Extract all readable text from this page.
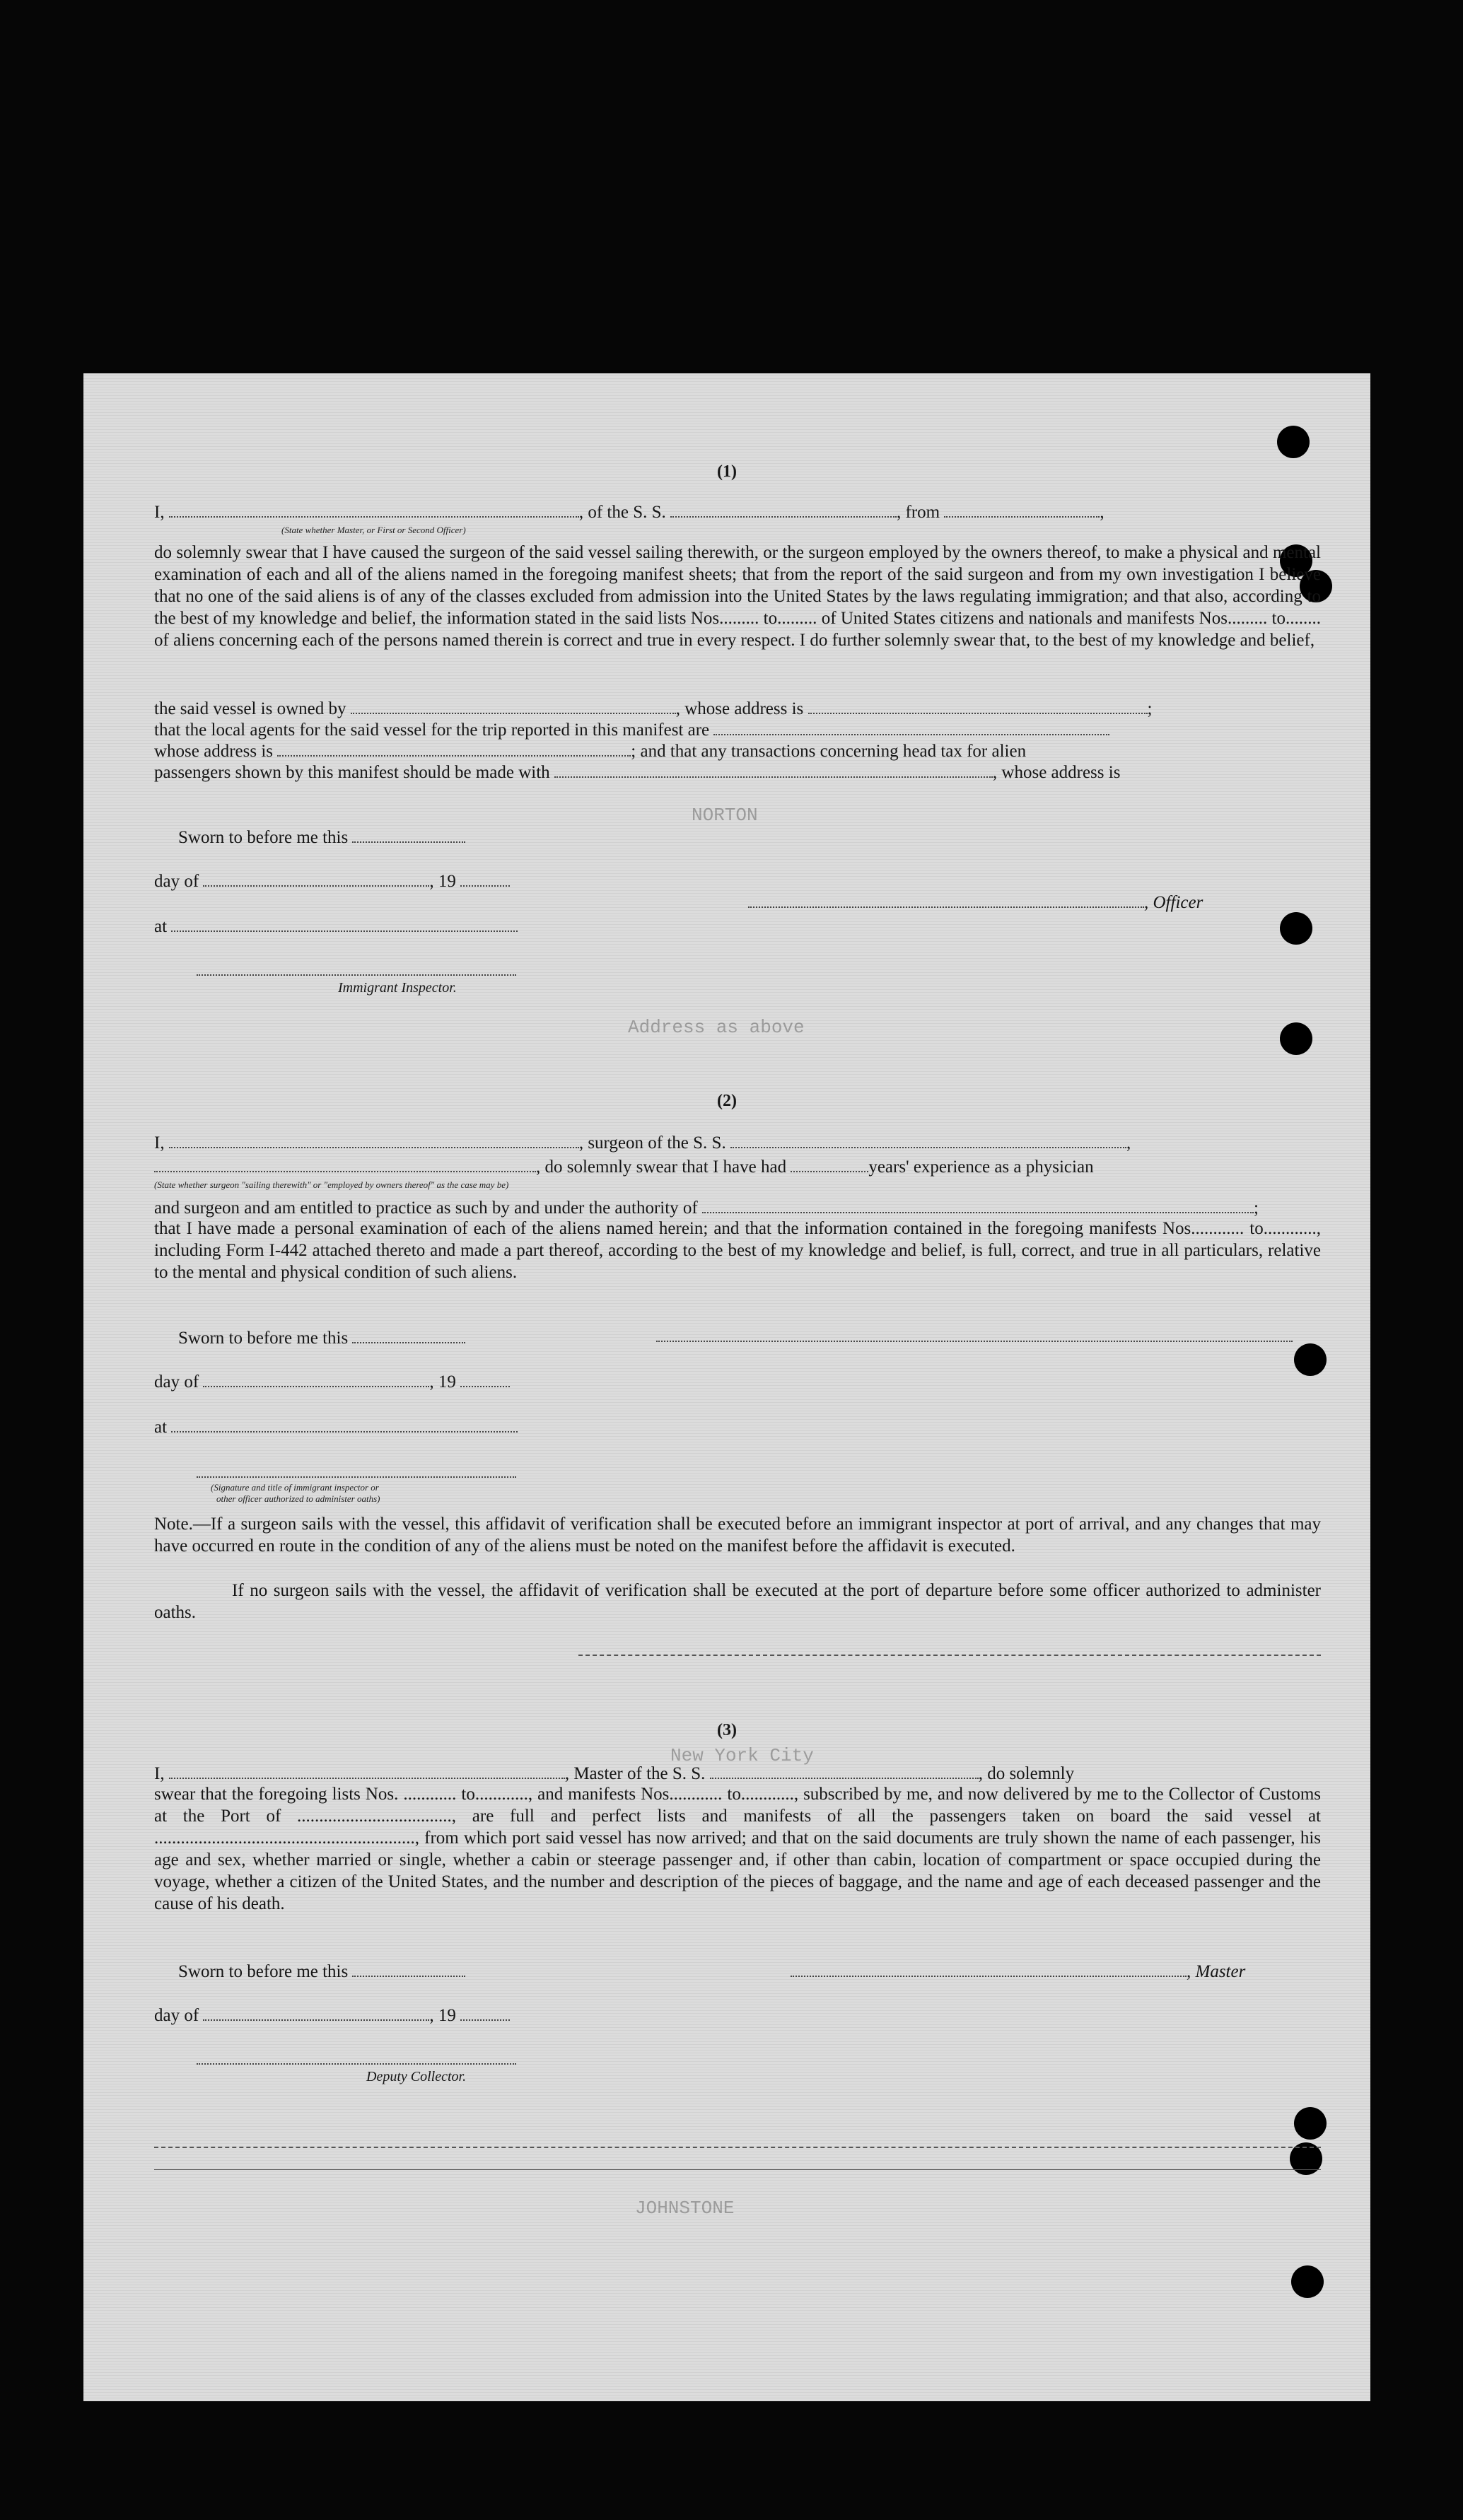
NORTON
Address as above
New York City
JOHNSTONE
(1)
I,	, of the S. S.	, from	,
(State whether Master, or First or Second Officer)
do solemnly swear that I have caused the surgeon of the said vessel sailing therewith, or the surgeon employed by the owners thereof, to make a physical and mental examination of each and all of the aliens named in the foregoing manifest sheets; that from the report of the said surgeon and from my own investigation I believe that no one of the said aliens is of any of the classes excluded from admission into the United States by the laws regulating immigration; and that also, according to the best of my knowledge and belief, the information stated in the said lists Nos......... to......... of United States citizens and nationals and manifests Nos......... to........ of aliens concerning each of the persons named therein is correct and true in every respect. I do further solemnly swear that, to the best of my knowledge and belief,
the said vessel is owned by	, whose address is	;
that the local agents for the said vessel for the trip reported in this manifest are
whose address is	; and that any transactions concerning head tax for alien
passengers shown by this manifest should be made with	, whose address is
Sworn to before me this
day of	, 19
, Officer
at
Immigrant Inspector.
(2)
I,	, surgeon of the S. S.	,
, do solemnly swear that I have had	years' experience as a physician
(State whether surgeon "sailing therewith" or "employed by owners thereof" as the case may be)
and surgeon and am entitled to practice as such by and under the authority of	;
that I have made a personal examination of each of the aliens named herein; and that the information contained in the foregoing manifests Nos............ to............, including Form I-442 attached thereto and made a part thereof, according to the best of my knowledge and belief, is full, correct, and true in all particulars, relative to the mental and physical condition of such aliens.
Sworn to before me this
day of	, 19
at
(Signature and title of immigrant inspector or
other officer authorized to administer oaths)
Note.—If a surgeon sails with the vessel, this affidavit of verification shall be executed before an immigrant inspector at port of arrival, and any changes that may have occurred en route in the condition of any of the aliens must be noted on the manifest before the affidavit is executed.
If no surgeon sails with the vessel, the affidavit of verification shall be executed at the port of departure before some officer authorized to administer oaths.
(3)
I,	, Master of the S. S.	, do solemnly
swear that the foregoing lists Nos. ............ to............, and manifests Nos............ to............, subscribed by me, and now delivered by me to the Collector of Customs at the Port of ..................................., are full and perfect lists and manifests of all the passengers taken on board the said vessel at ..........................................................., from which port said vessel has now arrived; and that on the said documents are truly shown the name of each passenger, his age and sex, whether married or single, whether a cabin or steerage passenger and, if other than cabin, location of compartment or space occupied during the voyage, whether a citizen of the United States, and the number and description of the pieces of baggage, and the name and age of each deceased passenger and the cause of his death.
Sworn to before me this	, Master
day of	, 19
Deputy Collector.
